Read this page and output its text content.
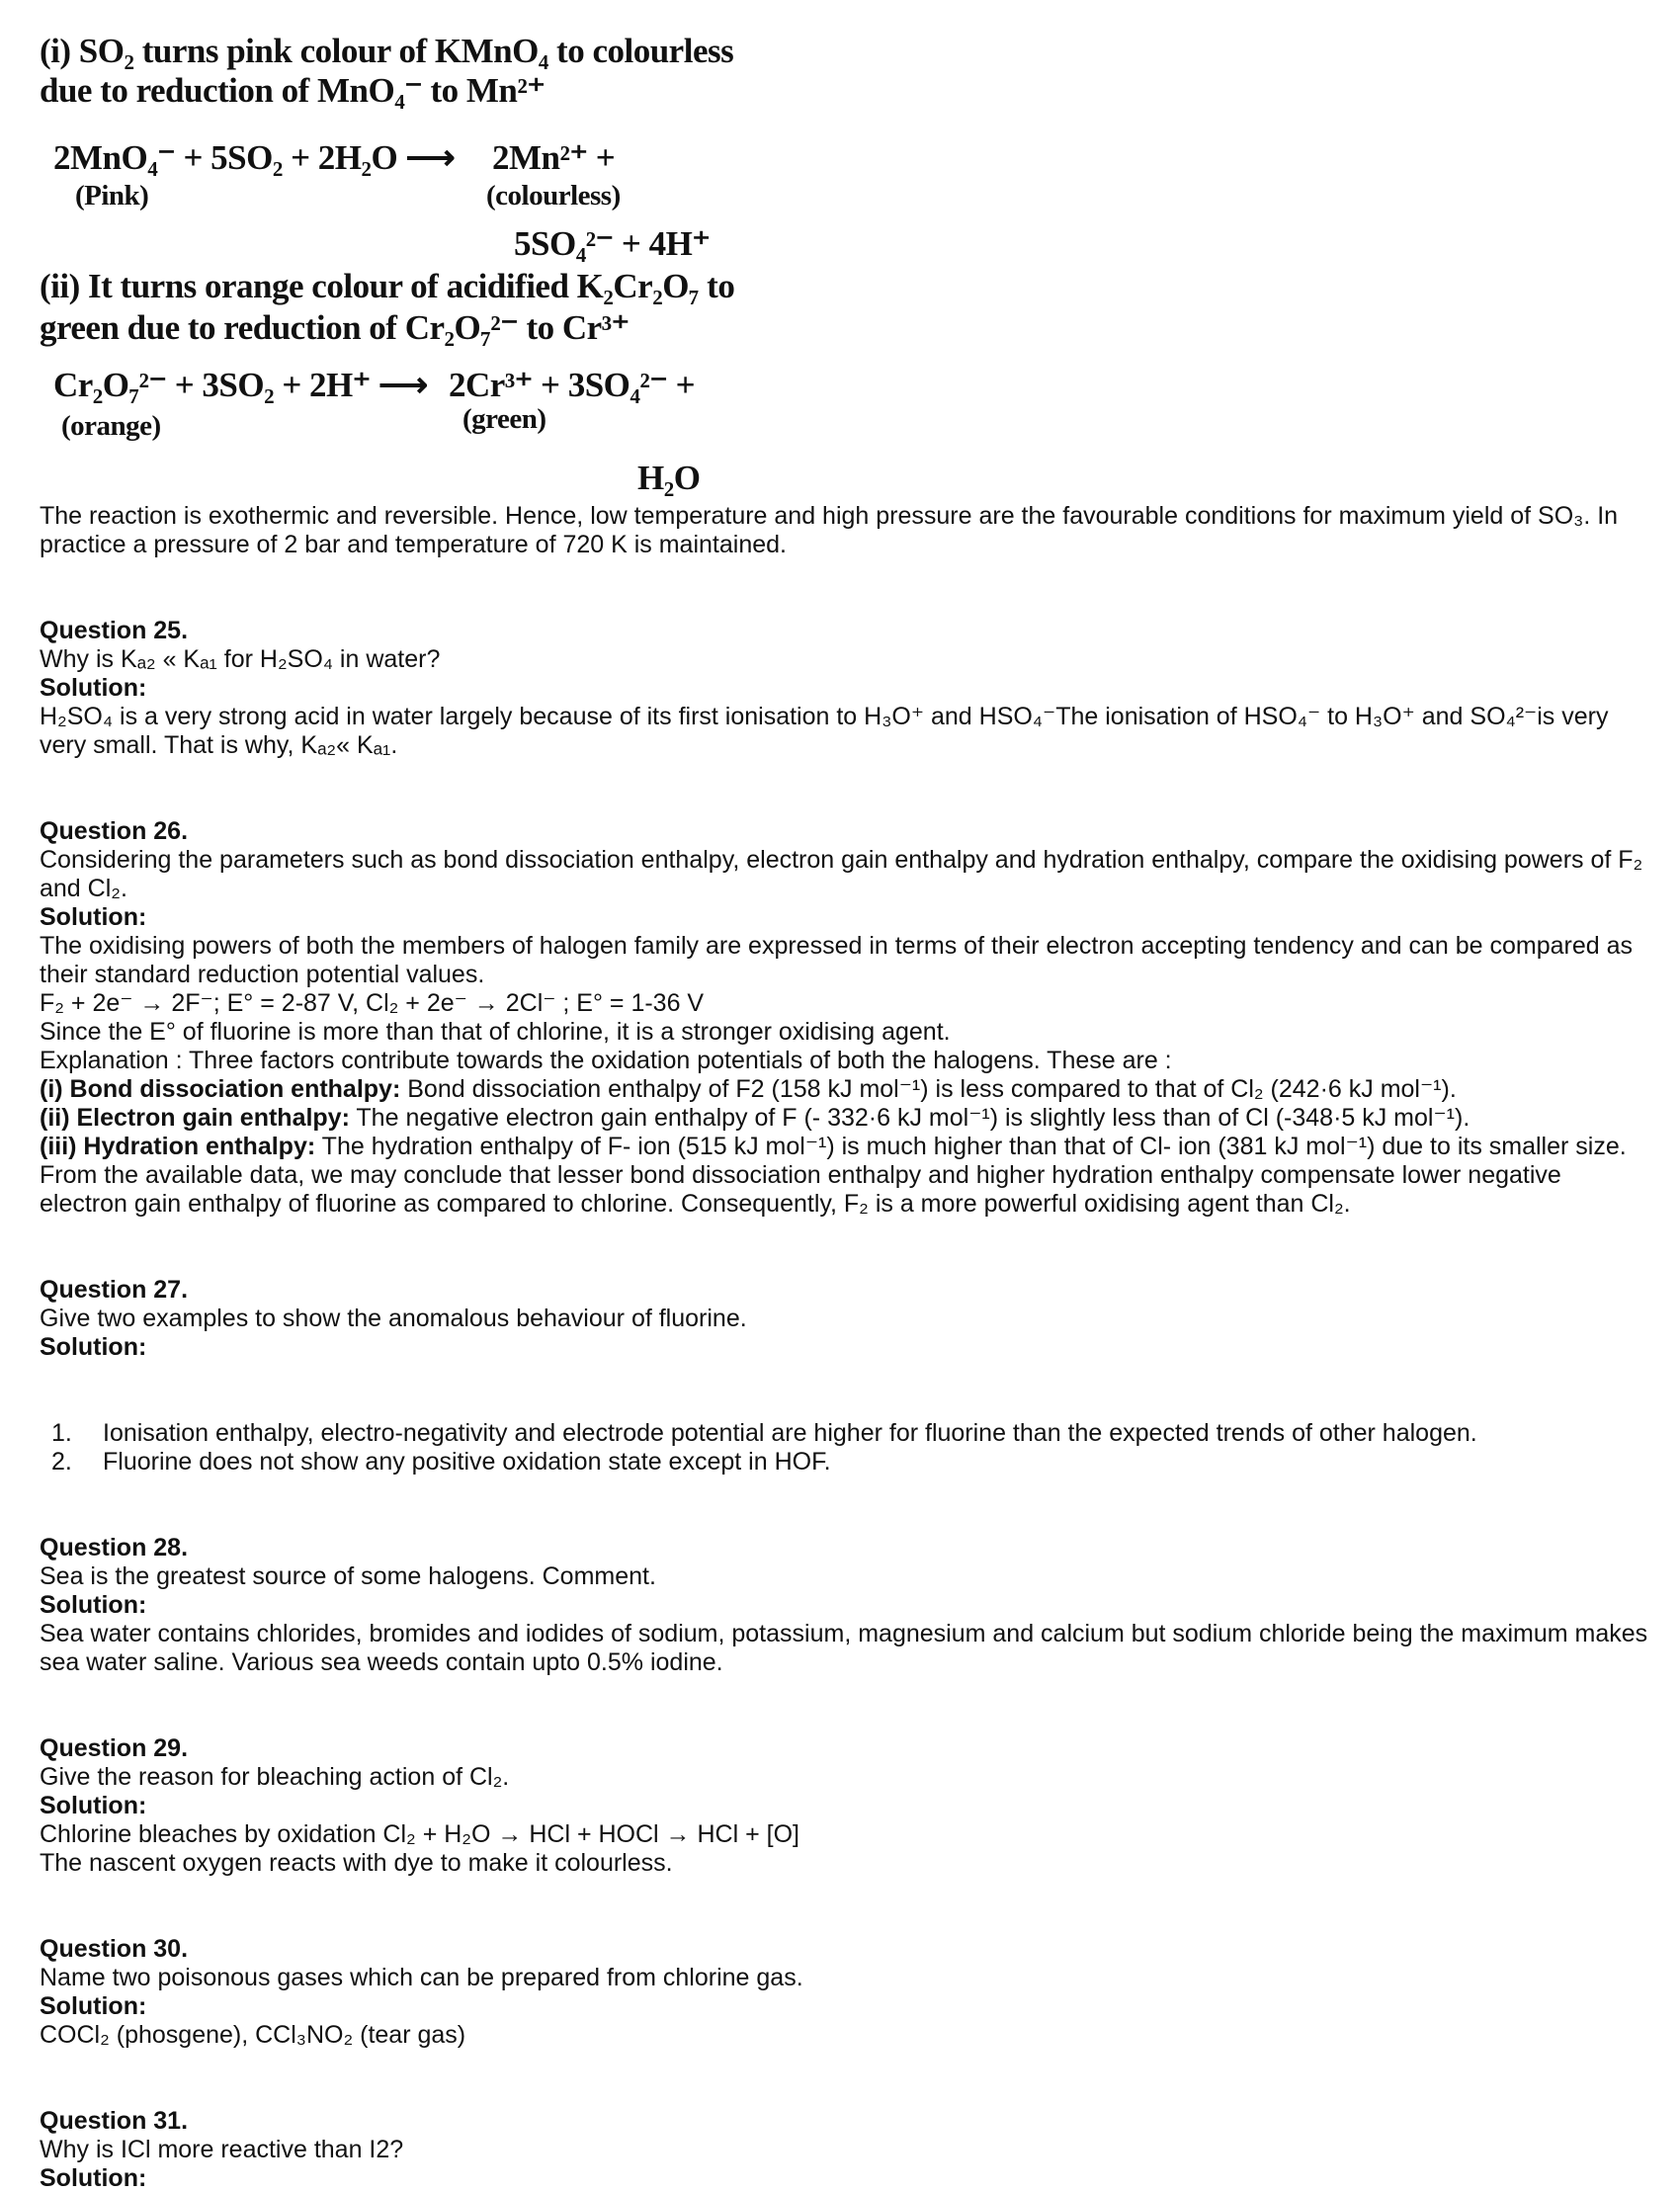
(i) SO₂ turns pink colour of KMnO₄ to colourless
due to reduction of MnO₄⁻ to Mn²⁺
2MnO₄⁻ + 5SO₂ + 2H₂O ⟶ 2Mn²⁺ +
(Pink)	(colourless)
5SO₄²⁻ + 4H⁺
(ii) It turns orange colour of acidified K₂Cr₂O₇ to
green due to reduction of Cr₂O₇²⁻ to Cr³⁺
Cr₂O₇²⁻ + 3SO₂ + 2H⁺ ⟶ 2Cr³⁺ + 3SO₄²⁻ +
(orange)	(green)
H₂O

The reaction is exothermic and reversible. Hence, low temperature and high pressure are the favourable conditions for maximum yield of SO₃. In practice a pressure of 2 bar and temperature of 720 K is maintained.

Question 25.

Why is Kₐ₂ « Kₐ₁ for H₂SO₄ in water?

Solution:

H₂SO₄ is a very strong acid in water largely because of its first ionisation to H₃O⁺ and HSO₄⁻The ionisation of HSO₄⁻ to H₃O⁺ and SO₄²⁻is very very small. That is why, Kₐ₂« Kₐ₁.

Question 26.

Considering the parameters such as bond dissociation enthalpy, electron gain enthalpy and hydration enthalpy, compare the oxidising powers of F₂ and Cl₂.

Solution:

The oxidising powers of both the members of halogen family are expressed in terms of their electron accepting tendency and can be compared as their standard reduction potential values.

F₂ + 2e⁻ → 2F⁻; E° = 2-87 V, Cl₂ + 2e⁻ → 2Cl⁻ ; E° = 1-36 V

Since the E° of fluorine is more than that of chlorine, it is a stronger oxidising agent.

Explanation : Three factors contribute towards the oxidation potentials of both the halogens. These are :

(i) Bond dissociation enthalpy: Bond dissociation enthalpy of F2 (158 kJ mol⁻¹) is less compared to that of Cl₂ (242·6 kJ mol⁻¹).

(ii) Electron gain enthalpy: The negative electron gain enthalpy of F (- 332·6 kJ mol⁻¹) is slightly less than of Cl (-348·5 kJ mol⁻¹).

(iii) Hydration enthalpy: The hydration enthalpy of F- ion (515 kJ mol⁻¹) is much higher than that of Cl- ion (381 kJ mol⁻¹) due to its smaller size.

From the available data, we may conclude that lesser bond dissociation enthalpy and higher hydration enthalpy compensate lower negative electron gain enthalpy of fluorine as compared to chlorine. Consequently, F₂ is a more powerful oxidising agent than Cl₂.

Question 27.

Give two examples to show the anomalous behaviour of fluorine.

Solution:

1.	Ionisation enthalpy, electro-negativity and electrode potential are higher for fluorine than the expected trends of other halogen.
2.	Fluorine does not show any positive oxidation state except in HOF.

Question 28.

Sea is the greatest source of some halogens. Comment.

Solution:

Sea water contains chlorides, bromides and iodides of sodium, potassium, magnesium and calcium but sodium chloride being the maximum makes sea water saline. Various sea weeds contain upto 0.5% iodine.

Question 29.

Give the reason for bleaching action of Cl₂.

Solution:

Chlorine bleaches by oxidation Cl₂ + H₂O → HCl + HOCl → HCl + [O]

The nascent oxygen reacts with dye to make it colourless.

Question 30.

Name two poisonous gases which can be prepared from chlorine gas.

Solution:

COCl₂ (phosgene), CCl₃NO₂ (tear gas)

Question 31.

Why is ICl more reactive than I2?

Solution:
